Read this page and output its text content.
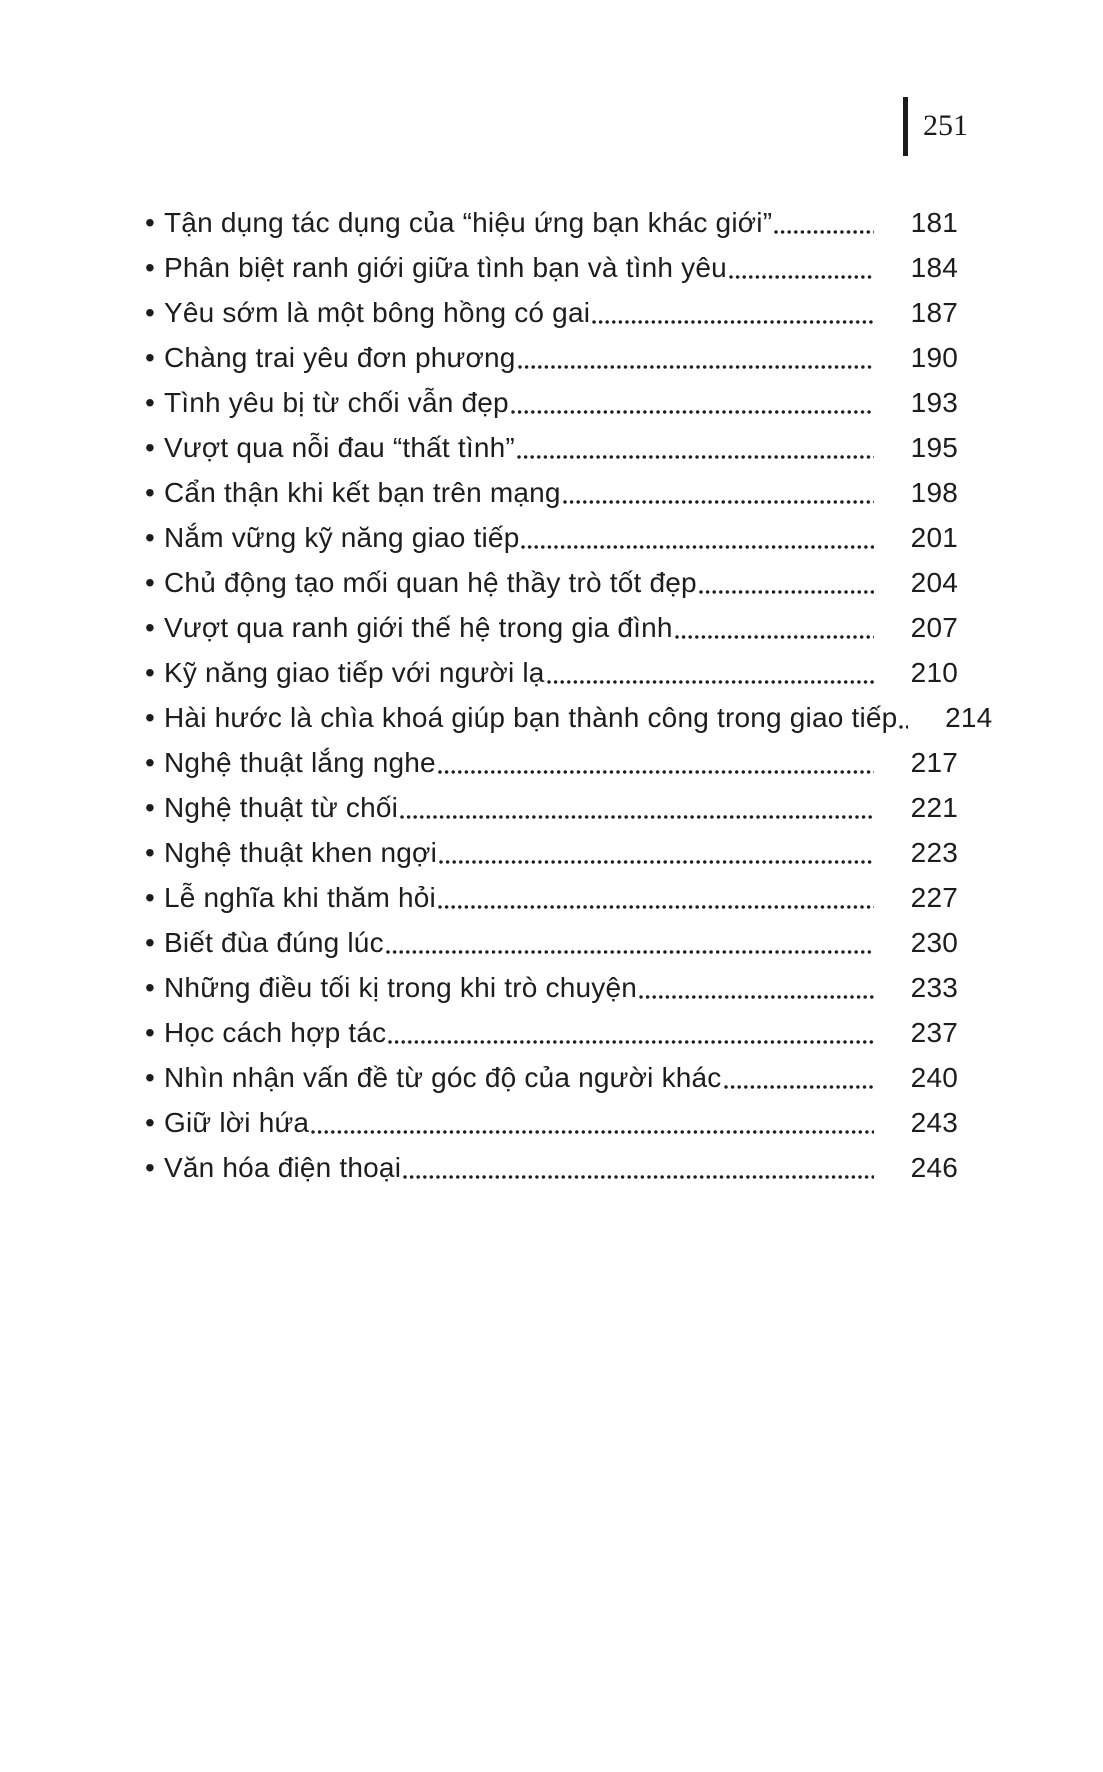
251
• Tận dụng tác dụng của “hiệu ứng bạn khác giới”	181
• Phân biệt ranh giới giữa tình bạn và tình yêu	184
• Yêu sớm là một bông hồng có gai	187
• Chàng trai yêu đơn phương	190
• Tình yêu bị từ chối vẫn đẹp	193
• Vượt qua nỗi đau “thất tình”	195
• Cẩn thận khi kết bạn trên mạng	198
• Nắm vững kỹ năng giao tiếp	201
• Chủ động tạo mối quan hệ thầy trò tốt đẹp	204
• Vượt qua ranh giới thế hệ trong gia đình	207
• Kỹ năng giao tiếp với người lạ	210
• Hài hước là chìa khoá giúp bạn thành công trong giao tiếp	214
• Nghệ thuật lắng nghe	217
• Nghệ thuật từ chối	221
• Nghệ thuật khen ngợi	223
• Lễ nghĩa khi thăm hỏi	227
• Biết đùa đúng lúc	230
• Những điều tối kị trong khi trò chuyện	233
• Học cách hợp tác	237
• Nhìn nhận vấn đề từ góc độ của người khác	240
• Giữ lời hứa	243
• Văn hóa điện thoại	246
